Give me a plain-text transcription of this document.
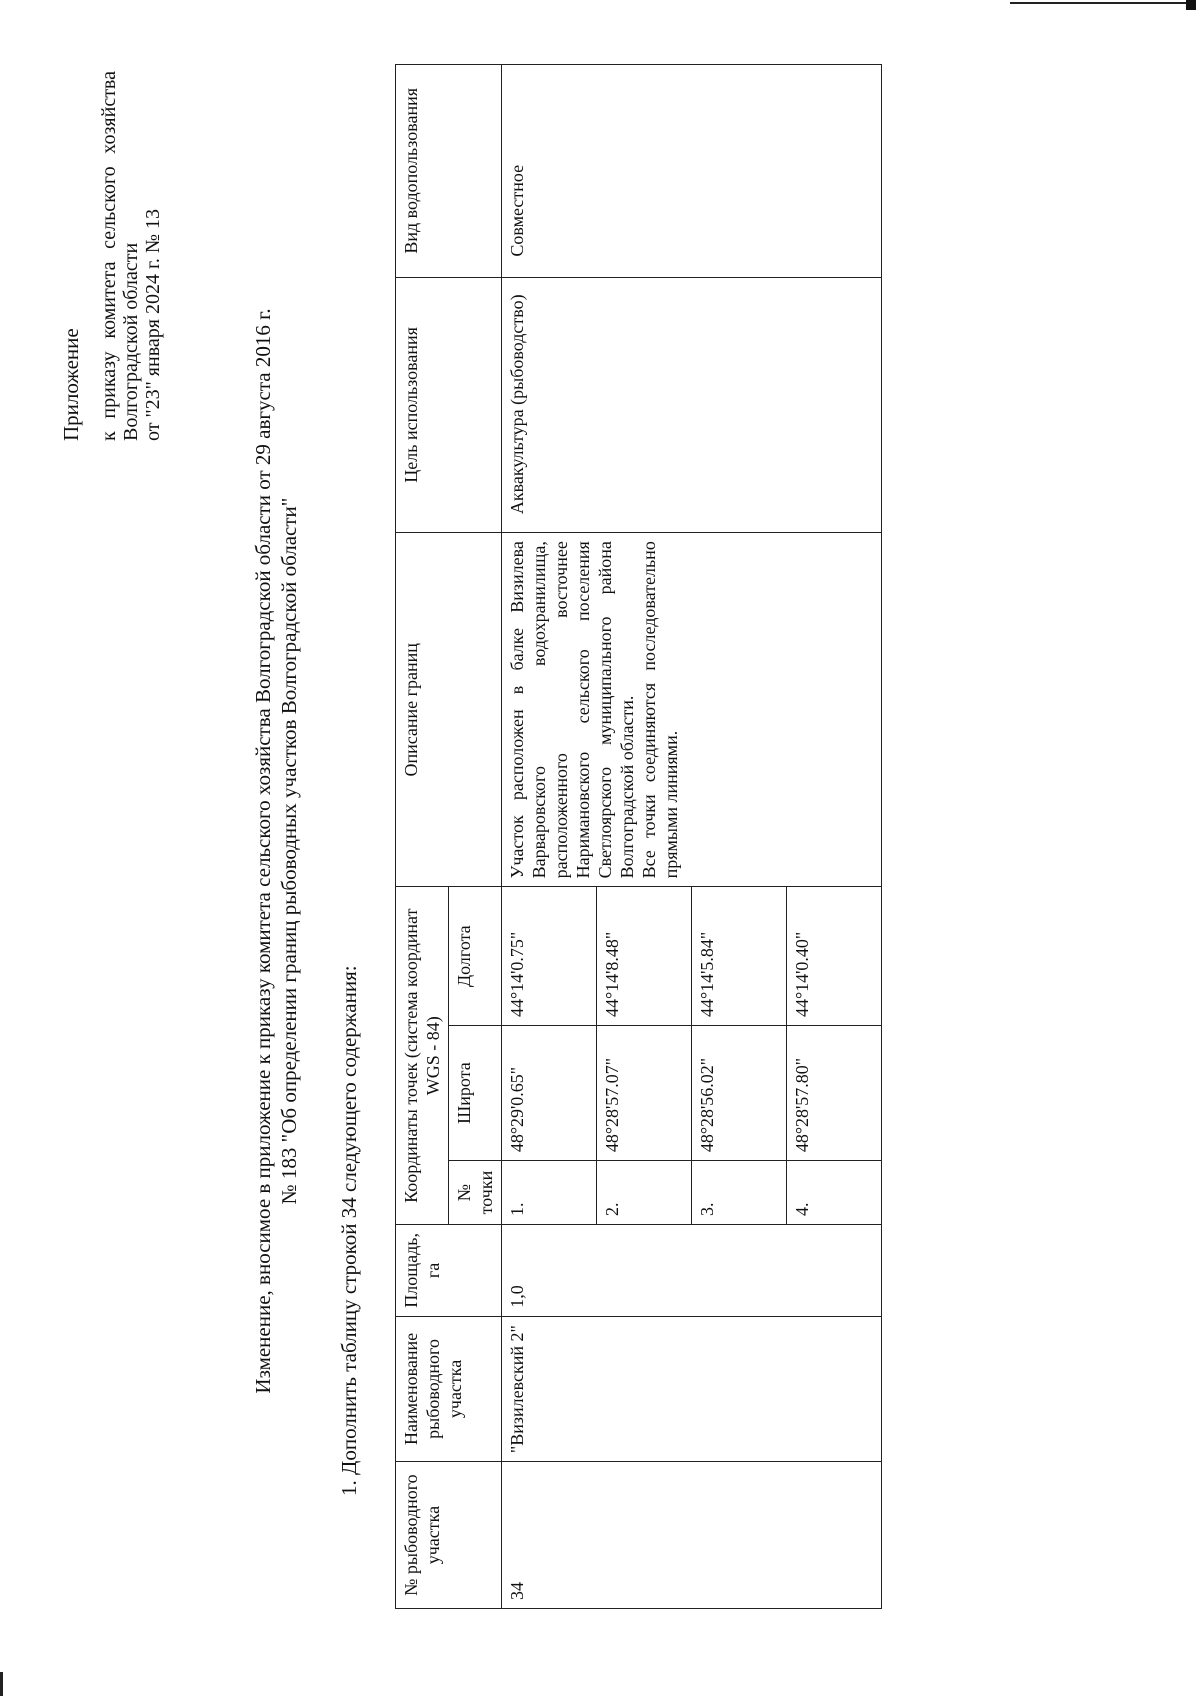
Приложение к приказу комитета сельского хозяйства Волгоградской области от "23" января 2024 г. № 13	Изменение, вносимое в приложение к приказу комитета сельского хозяйства Волгоградской области от 29 августа 2016 г. № 183 "Об определении границ рыбоводных участков Волгоградской области"
1. Дополнить таблицу строкой 34 следующего содержания:
№ рыбоводного участка	Наименование рыбоводного участка	Площадь, га	Координаты точек (система координат WGS - 84)			Описание границ	Цель использования	Вид водопользования
			№ точки	Широта	Долгота			
34	"Визилевский 2"	1,0	1.	48°29'0.65"	44°14'0.75"	Участок расположен в балке Визилева Варваровского водохранилища, расположенного восточнее Наримановского сельского поселения Светлоярского муниципального района Волгоградской области. Все точки соединяются последовательно прямыми линиями.	Аквакультура (рыбоводство)	Совместное
			2.	48°28'57.07"	44°14'8.48"			
			3.	48°28'56.02"	44°14'5.84"			
			4.	48°28'57.80"	44°14'0.40"			
